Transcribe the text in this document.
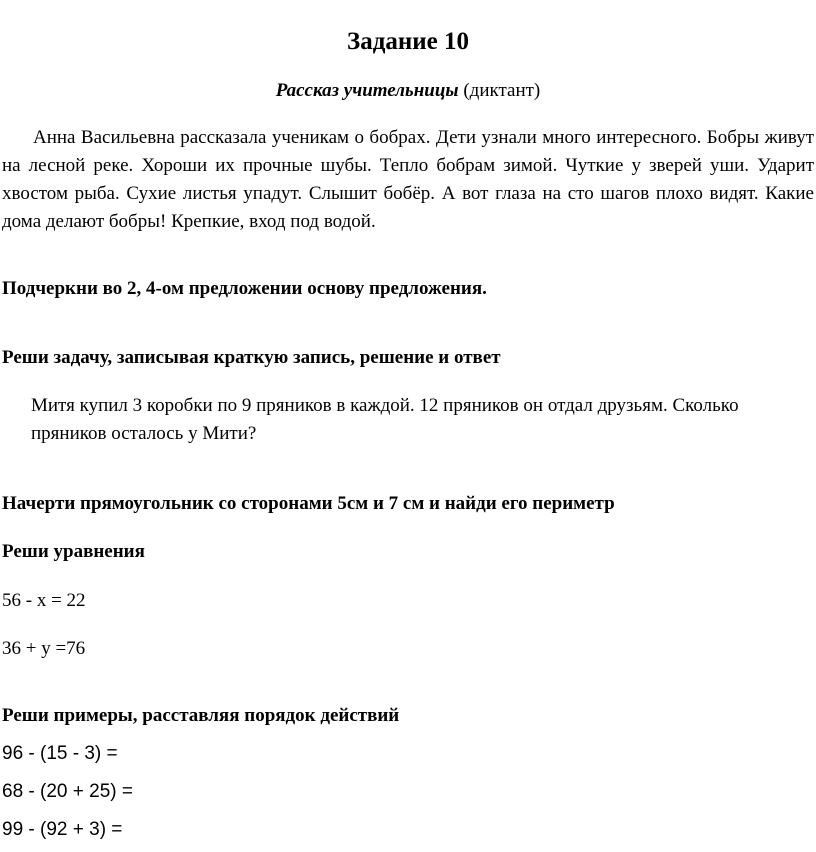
Задание 10
Рассказ учительницы (диктант)

Анна Васильевна рассказала ученикам о бобрах. Дети узнали много интересного. Бобры живут на лесной реке. Хороши их прочные шубы. Тепло бобрам зимой. Чуткие у зверей уши. Ударит хвостом рыба. Сухие листья упадут. Слышит бобёр. А вот глаза на сто шагов плохо видят. Какие дома делают бобры! Крепкие, вход под водой.

Подчеркни во 2, 4-ом предложении основу предложения.
Реши задачу, записывая краткую запись, решение и ответ

Митя купил 3 коробки по 9 пряников в каждой. 12 пряников он отдал друзьям. Сколько пряников осталось у Мити?

Начерти прямоугольник со сторонами 5см и 7 см и найди его периметр
Реши уравнения
56 - х = 22
36 + у =76
Реши примеры, расставляя порядок действий
96 - (15 - 3) =
68 - (20 + 25) =
99 - (92 + 3) =
